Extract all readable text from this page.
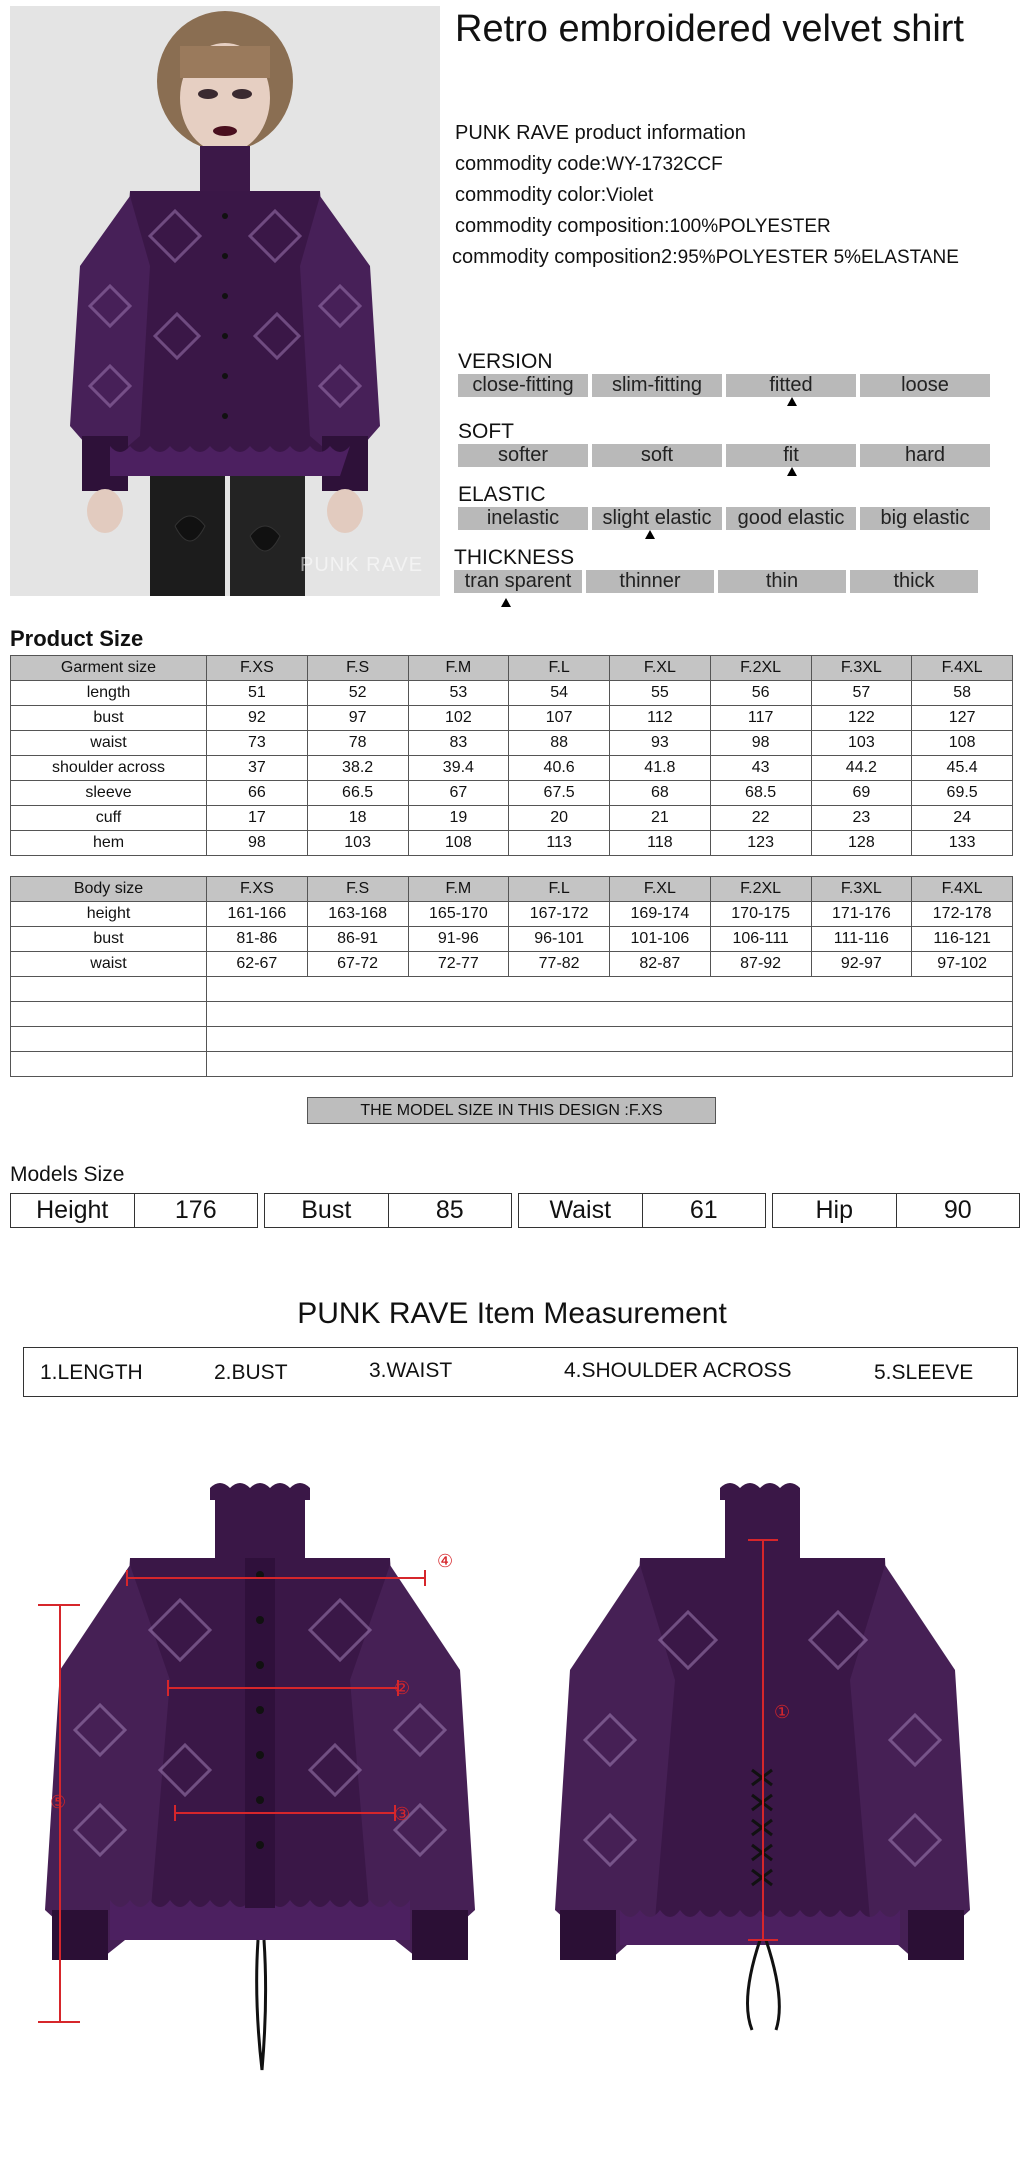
PUNK RAVE
Retro embroidered velvet shirt
PUNK RAVE product information
commodity code:WY-1732CCF
commodity color:Violet
commodity composition:100%POLYESTER
commodity composition2:95%POLYESTER 5%ELASTANE
VERSION
close-fitting	slim-fitting	fitted	loose
SOFT
softer	soft	fit	hard
ELASTIC
inelastic	slight elastic	good elastic	big elastic
THICKNESS
tran sparent	thinner	thin	thick
Product Size
Garment size	F.XS	F.S	F.M	F.L	F.XL	F.2XL	F.3XL	F.4XL
length	51	52	53	54	55	56	57	58
bust	92	97	102	107	112	117	122	127
waist	73	78	83	88	93	98	103	108
shoulder across	37	38.2	39.4	40.6	41.8	43	44.2	45.4
sleeve	66	66.5	67	67.5	68	68.5	69	69.5
cuff	17	18	19	20	21	22	23	24
hem	98	103	108	113	118	123	128	133
Body size	F.XS	F.S	F.M	F.L	F.XL	F.2XL	F.3XL	F.4XL
height	161-166	163-168	165-170	167-172	169-174	170-175	171-176	172-178
bust	81-86	86-91	91-96	96-101	101-106	106-111	111-116	116-121
waist	62-67	67-72	72-77	77-82	82-87	87-92	92-97	97-102

THE MODEL SIZE IN THIS DESIGN :F.XS
Models Size
Height	176	Bust	85	Waist	61	Hip	90
PUNK RAVE Item Measurement
1.LENGTH	2.BUST	3.WAIST	4.SHOULDER ACROSS	5.SLEEVE
④
②
③
⑤
①
